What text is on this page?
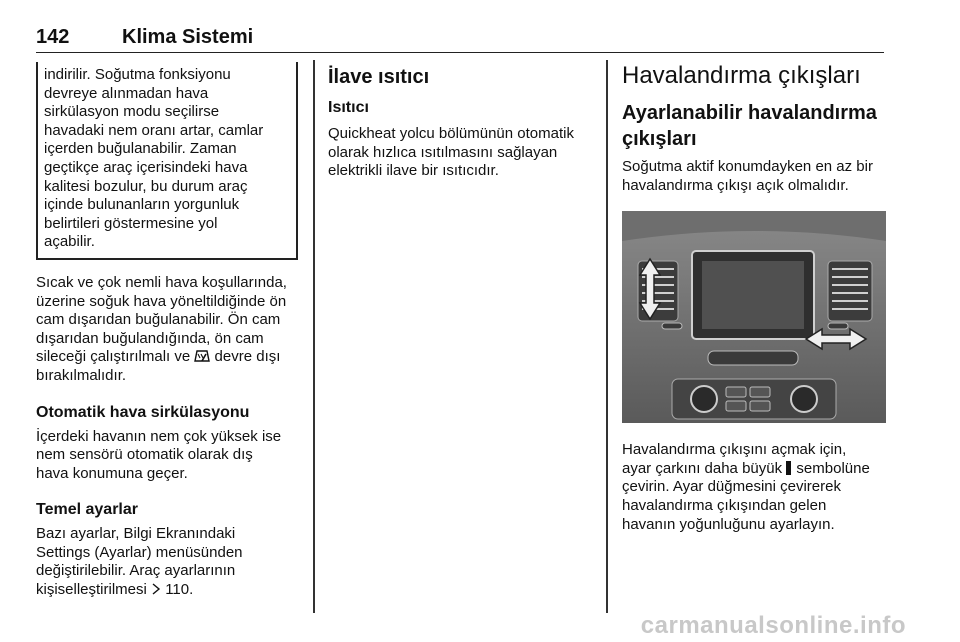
142	Klima Sistemi

indirilir. Soğutma fonksiyonu
devreye alınmadan hava
sirkülasyon modu seçilirse
havadaki nem oranı artar, camlar
içerden buğulanabilir. Zaman
geçtikçe araç içerisindeki hava
kalitesi bozulur, bu durum araç
içinde bulunanların yorgunluk
belirtileri göstermesine yol
açabilir.

Sıcak ve çok nemli hava koşullarında,
üzerine soğuk hava yöneltildiğinde ön
cam dışarıdan buğulanabilir. Ön cam
dışarıdan buğulandığında, ön cam
sileceği çalıştırılmalı ve  devre dışı
bırakılmalıdır.

Otomatik hava sirkülasyonu

İçerdeki havanın nem çok yüksek ise
nem sensörü otomatik olarak dış
hava konumuna geçer.

Temel ayarlar

Bazı ayarlar, Bilgi Ekranındaki
Settings (Ayarlar) menüsünden
değiştirilebilir. Araç ayarlarının
kişiselleştirilmesi  110.

İlave ısıtıcı
Isıtıcı

Quickheat yolcu bölümünün otomatik
olarak hızlıca ısıtılmasını sağlayan
elektrikli ilave bir ısıtıcıdır.

Havalandırma çıkışları
Ayarlanabilir havalandırma
çıkışları

Soğutma aktif konumdayken en az bir
havalandırma çıkışı açık olmalıdır.

Havalandırma çıkışını açmak için,
ayar çarkını daha büyük  sembolüne
çevirin. Ayar düğmesini çevirerek
havalandırma çıkışından gelen
havanın yoğunluğunu ayarlayın.

carmanualsonline.info
